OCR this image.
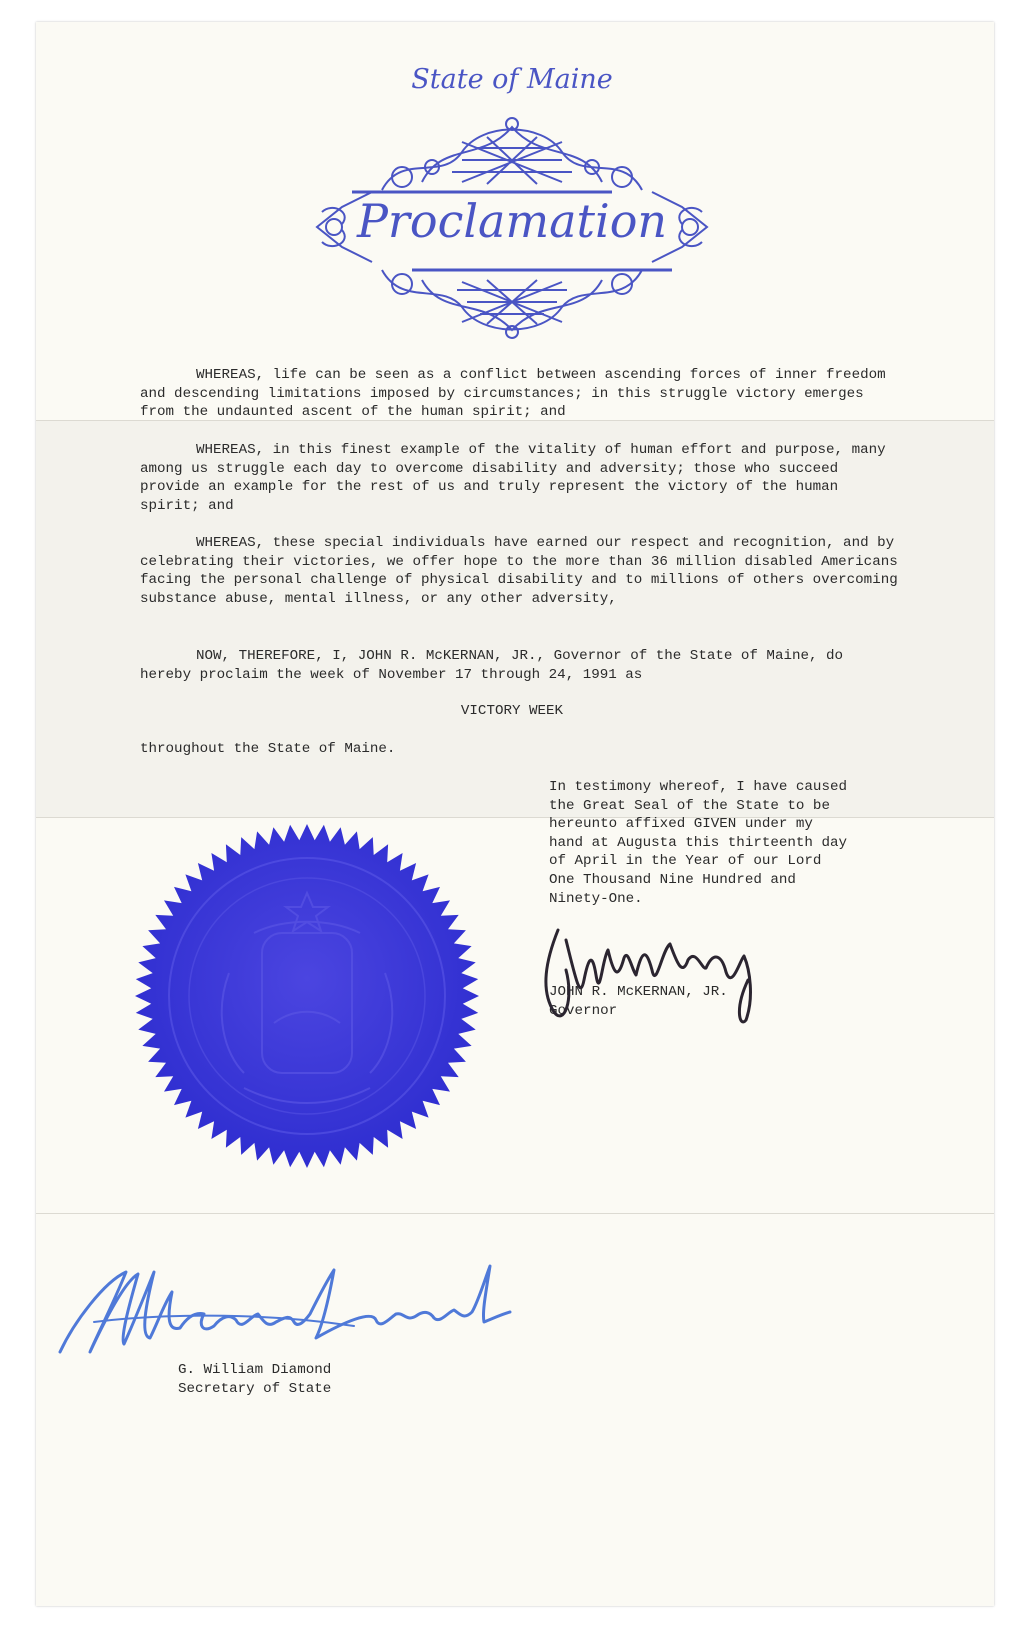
State of Maine
Proclamation

WHEREAS, life can be seen as a conflict between ascending forces of inner freedom and descending limitations imposed by circumstances; in this struggle victory emerges from the undaunted ascent of the human spirit; and

WHEREAS, in this finest example of the vitality of human effort and purpose, many among us struggle each day to overcome disability and adversity; those who succeed provide an example for the rest of us and truly represent the victory of the human spirit; and

WHEREAS, these special individuals have earned our respect and recognition, and by celebrating their victories, we offer hope to the more than 36 million disabled Americans facing the personal challenge of physical disability and to millions of others overcoming substance abuse, mental illness, or any other adversity,

NOW, THEREFORE, I, JOHN R. McKERNAN, JR., Governor of the State of Maine, do hereby proclaim the week of November 17 through 24, 1991 as

VICTORY WEEK

throughout the State of Maine.

In testimony whereof, I have caused
the Great Seal of the State to be
hereunto affixed GIVEN under my
hand at Augusta this thirteenth day
of April in the Year of our Lord
One Thousand Nine Hundred and
Ninety-One.
JOHN R. McKERNAN, JR.
Governor
G. William Diamond
Secretary of State
